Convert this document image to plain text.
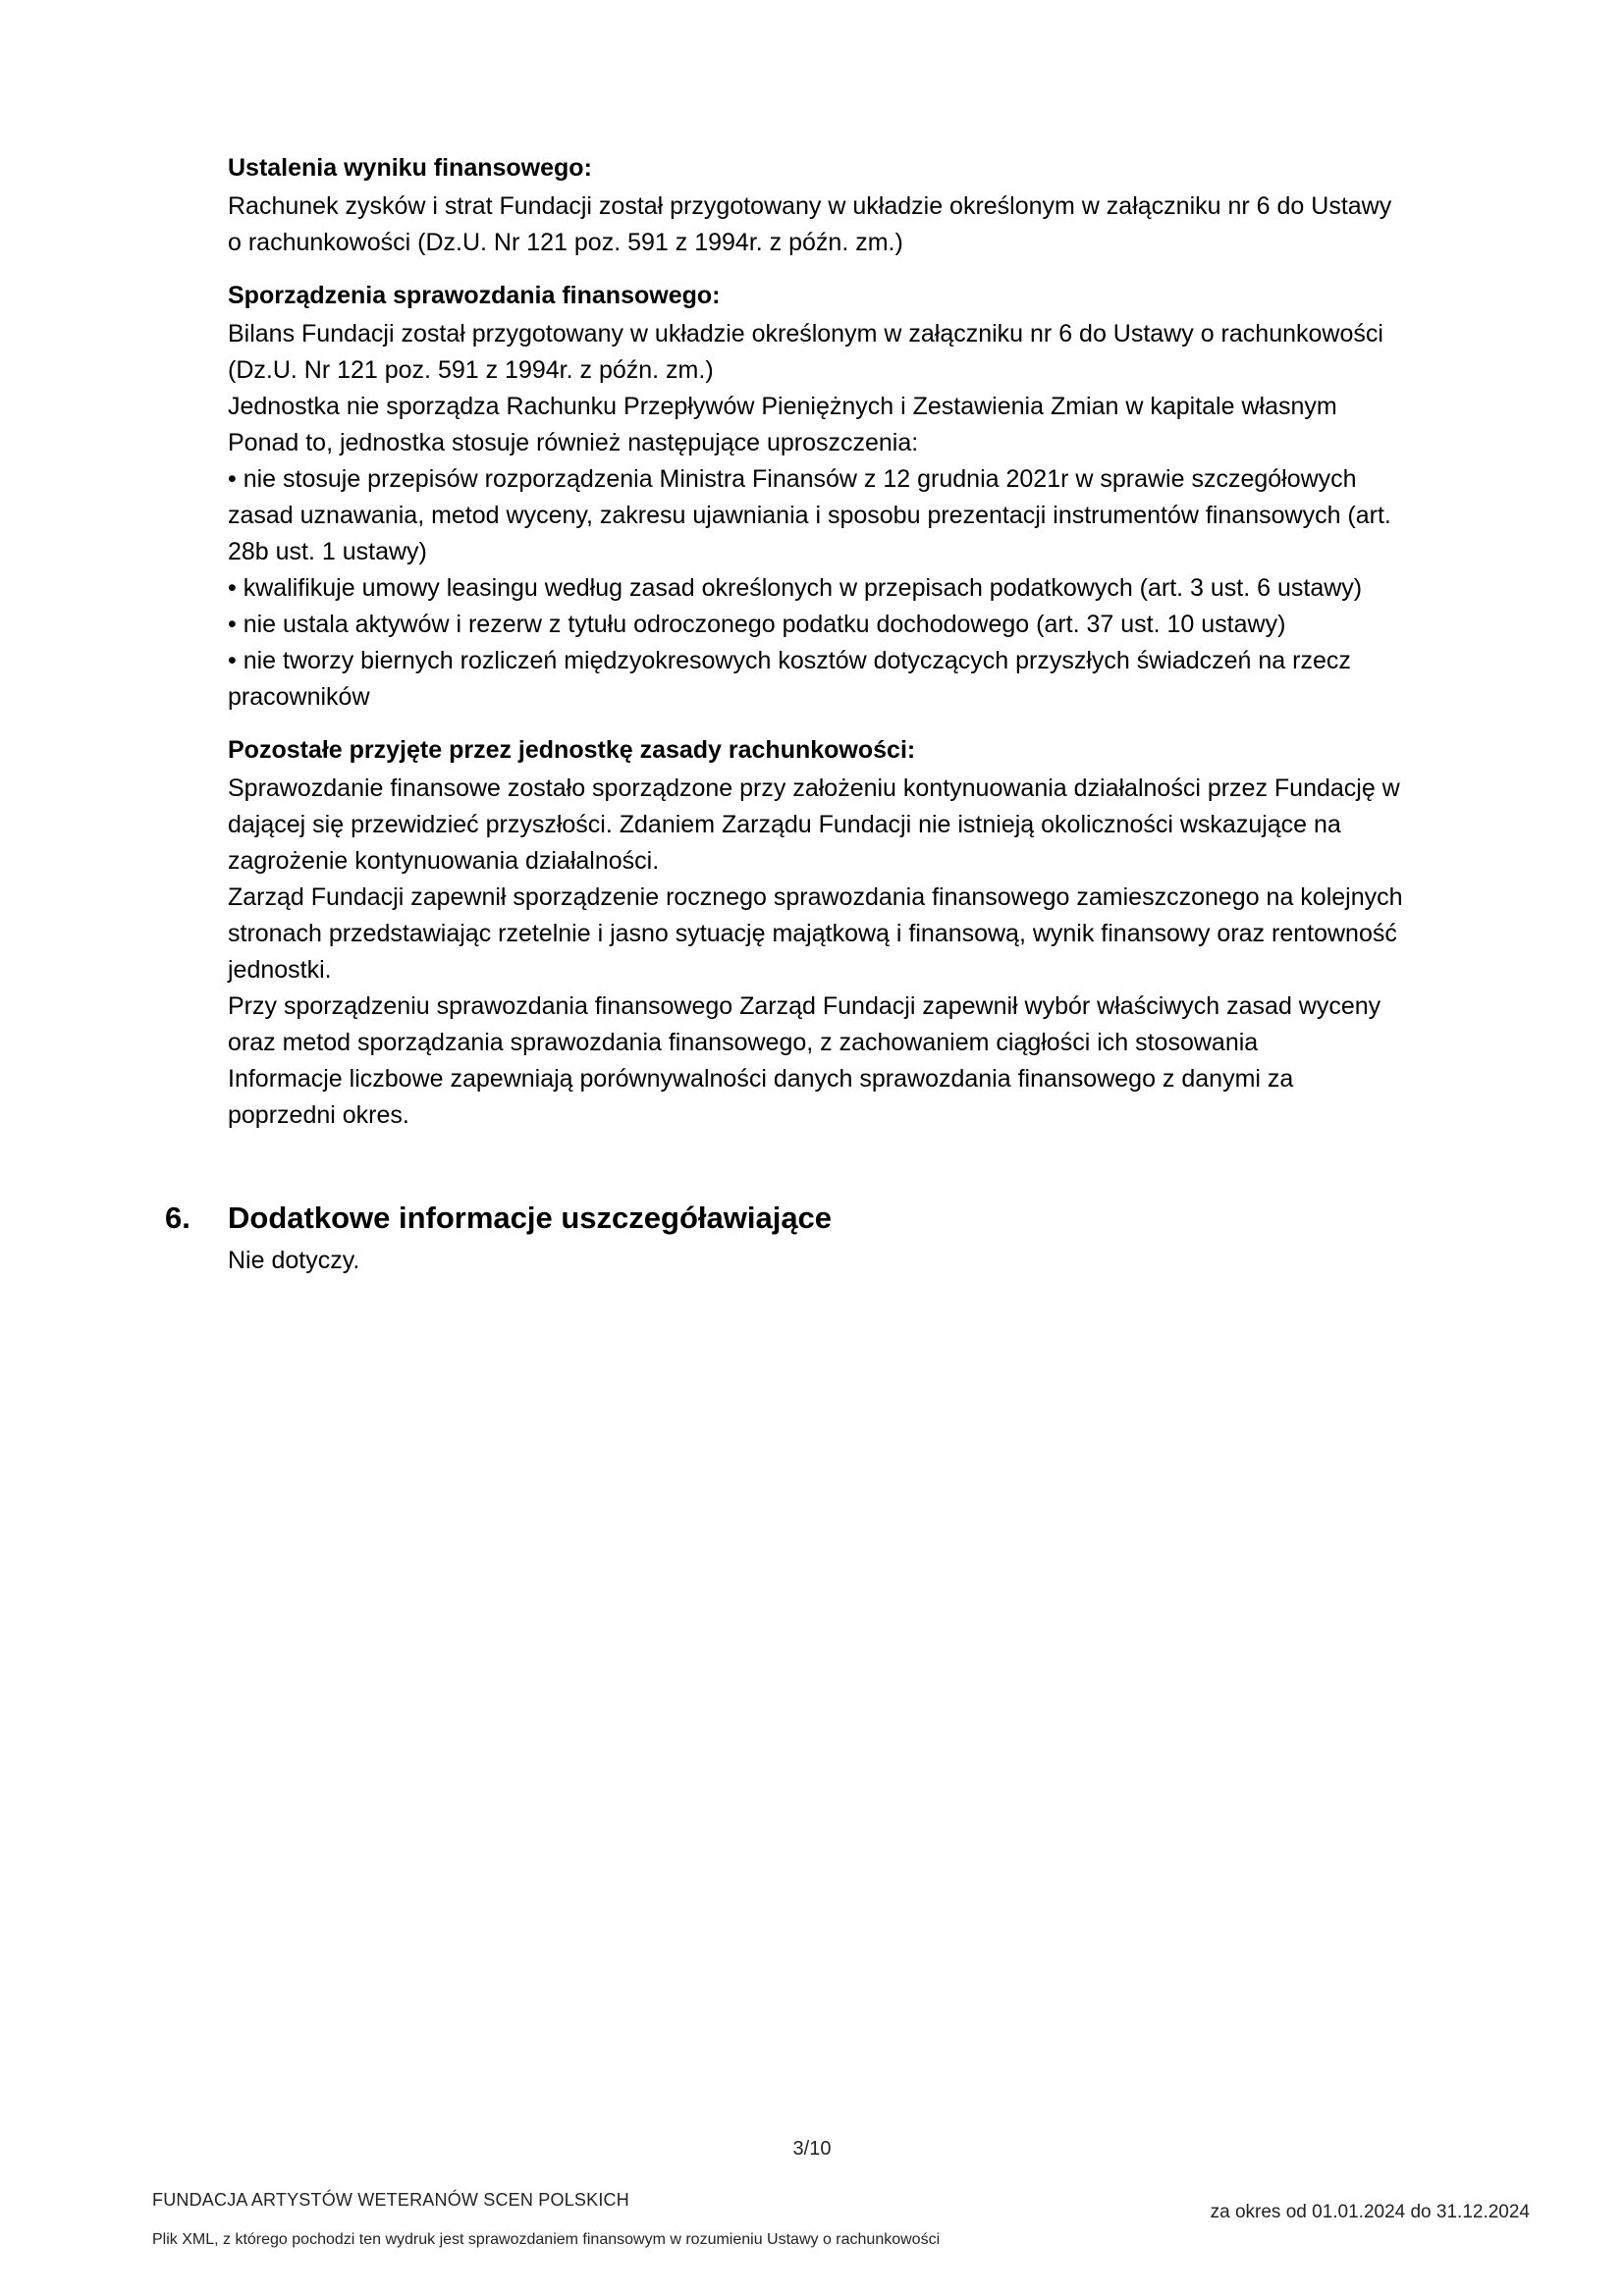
Ustalenia wyniku finansowego:

Rachunek zysków i strat Fundacji został przygotowany w układzie określonym w załączniku nr 6 do Ustawy
o rachunkowości (Dz.U. Nr 121 poz. 591 z 1994r. z późn. zm.)

Sporządzenia sprawozdania finansowego:

Bilans Fundacji został przygotowany w układzie określonym w załączniku nr 6 do Ustawy o rachunkowości
(Dz.U. Nr 121 poz. 591 z 1994r. z późn. zm.)
Jednostka nie sporządza Rachunku Przepływów Pieniężnych i Zestawienia Zmian w kapitale własnym
Ponad to, jednostka stosuje również następujące uproszczenia:
• nie stosuje przepisów rozporządzenia Ministra Finansów z 12 grudnia 2021r w sprawie szczegółowych
zasad uznawania, metod wyceny, zakresu ujawniania i sposobu prezentacji instrumentów finansowych (art.
28b ust. 1 ustawy)
• kwalifikuje umowy leasingu według zasad określonych w przepisach podatkowych (art. 3 ust. 6 ustawy)
• nie ustala aktywów i rezerw z tytułu odroczonego podatku dochodowego (art. 37 ust. 10 ustawy)
• nie tworzy biernych rozliczeń międzyokresowych kosztów dotyczących przyszłych świadczeń na rzecz
pracowników

Pozostałe przyjęte przez jednostkę zasady rachunkowości:

Sprawozdanie finansowe zostało sporządzone przy założeniu kontynuowania działalności przez Fundację w
dającej się przewidzieć przyszłości. Zdaniem Zarządu Fundacji nie istnieją okoliczności wskazujące na
zagrożenie kontynuowania działalności.
Zarząd Fundacji zapewnił sporządzenie rocznego sprawozdania finansowego zamieszczonego na kolejnych
stronach przedstawiając rzetelnie i jasno sytuację majątkową i finansową, wynik finansowy oraz rentowność
jednostki.
Przy sporządzeniu sprawozdania finansowego Zarząd Fundacji zapewnił wybór właściwych zasad wyceny
oraz metod sporządzania sprawozdania finansowego, z zachowaniem ciągłości ich stosowania
Informacje liczbowe zapewniają porównywalności danych sprawozdania finansowego z danymi za
poprzedni okres.

6. Dodatkowe informacje uszczegóławiające

Nie dotyczy.

3/10
FUNDACJA ARTYSTÓW WETERANÓW SCEN POLSKICH
za okres od 01.01.2024 do 31.12.2024
Plik XML, z którego pochodzi ten wydruk jest sprawozdaniem finansowym w rozumieniu Ustawy o rachunkowości
